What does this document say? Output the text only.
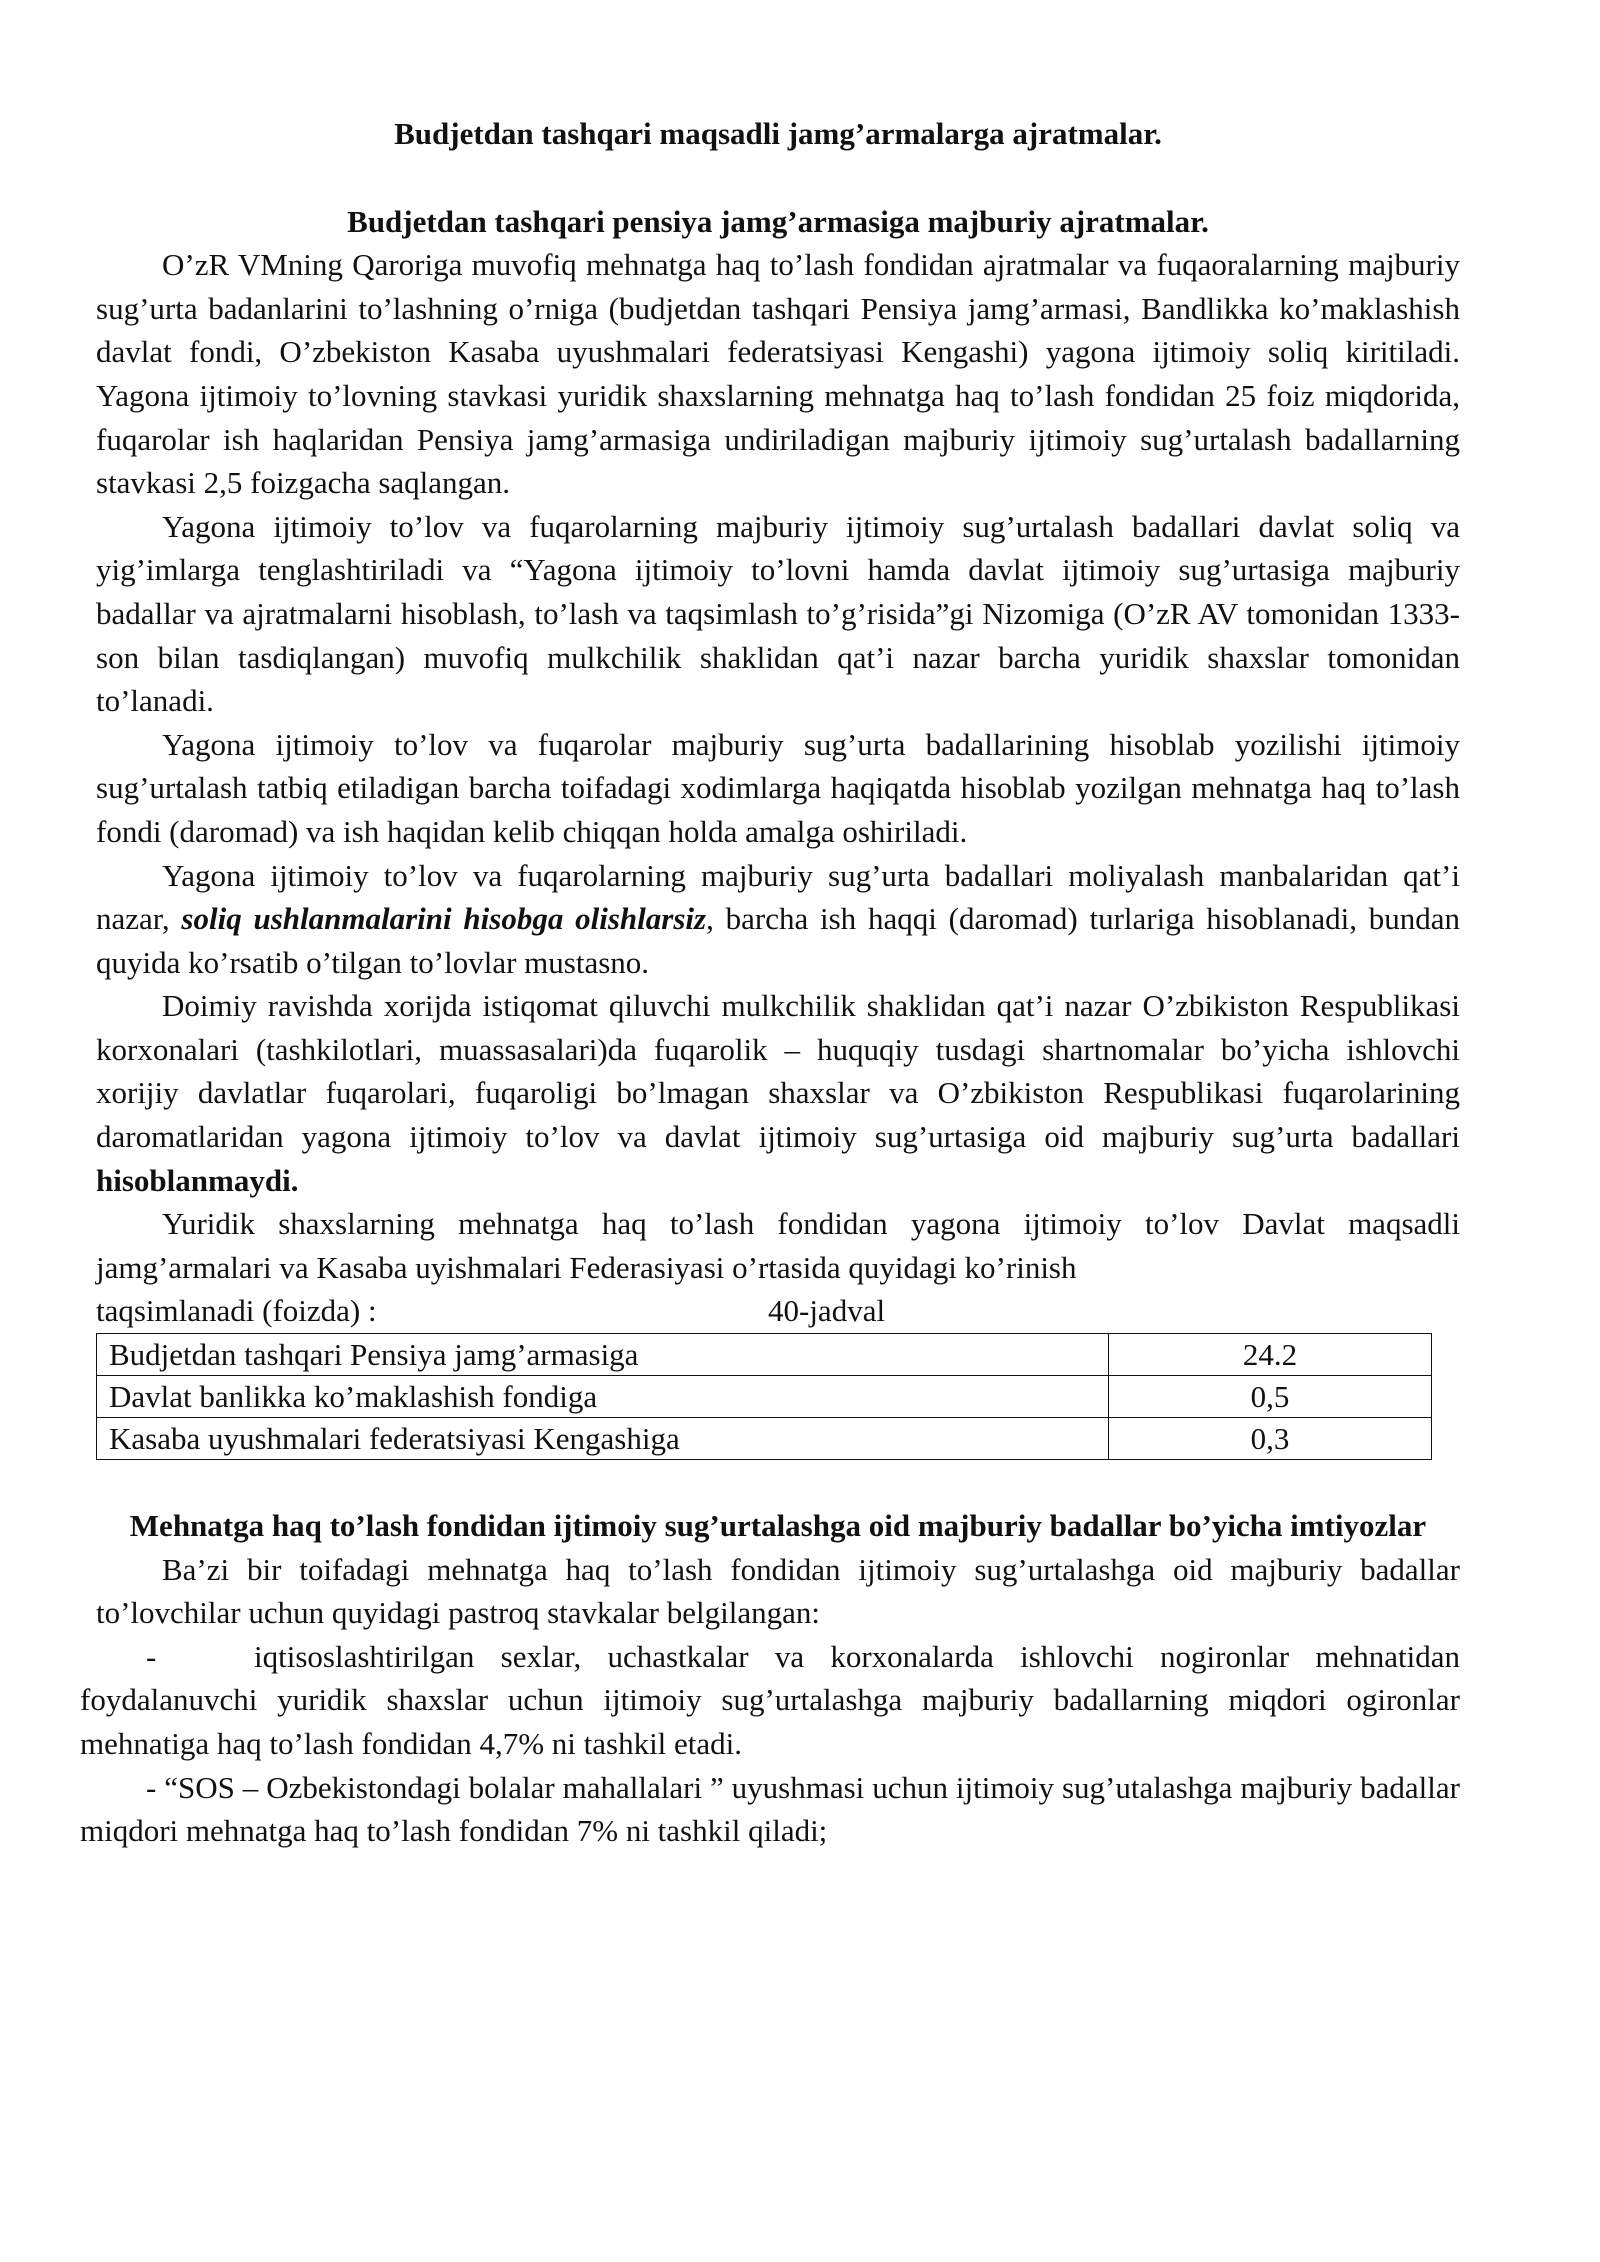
Budjetdan tashqari maqsadli jamg’armalarga ajratmalar.
Budjetdan tashqari pensiya jamg’armasiga majburiy ajratmalar.

O’zR VMning Qaroriga muvofiq mehnatga haq to’lash fondidan ajratmalar va fuqaoralarning majburiy sug’urta badanlarini to’lashning o’rniga (budjetdan tashqari Pensiya jamg’armasi, Bandlikka ko’maklashish davlat fondi, O’zbekiston Kasaba uyushmalari federatsiyasi Kengashi) yagona ijtimoiy soliq kiritiladi. Yagona ijtimoiy to’lovning stavkasi yuridik shaxslarning mehnatga haq to’lash fondidan 25 foiz miqdorida, fuqarolar ish haqlaridan Pensiya jamg’armasiga undiriladigan majburiy ijtimoiy sug’urtalash badallarning stavkasi 2,5 foizgacha saqlangan.

Yagona ijtimoiy to’lov va fuqarolarning majburiy ijtimoiy sug’urtalash badallari davlat soliq va yig’imlarga tenglashtiriladi va “Yagona ijtimoiy to’lovni hamda davlat ijtimoiy sug’urtasiga majburiy badallar va ajratmalarni hisoblash, to’lash va taqsimlash to’g’risida”gi Nizomiga (O’zR AV tomonidan 1333-son bilan tasdiqlangan) muvofiq mulkchilik shaklidan qat’i nazar barcha yuridik shaxslar tomonidan to’lanadi.

Yagona ijtimoiy to’lov va fuqarolar majburiy sug’urta badallarining hisoblab yozilishi ijtimoiy sug’urtalash tatbiq etiladigan barcha toifadagi xodimlarga haqiqatda hisoblab yozilgan mehnatga haq to’lash fondi (daromad) va ish haqidan kelib chiqqan holda amalga oshiriladi.

Yagona ijtimoiy to’lov va fuqarolarning majburiy sug’urta badallari moliyalash manbalaridan qat’i nazar, soliq ushlanmalarini hisobga olishlarsiz, barcha ish haqqi (daromad) turlariga hisoblanadi, bundan quyida ko’rsatib o’tilgan to’lovlar mustasno.

Doimiy ravishda xorijda istiqomat qiluvchi mulkchilik shaklidan qat’i nazar O’zbikiston Respublikasi korxonalari (tashkilotlari, muassasalari)da fuqarolik – huquqiy tusdagi shartnomalar bo’yicha ishlovchi xorijiy davlatlar fuqarolari, fuqaroligi bo’lmagan shaxslar va O’zbikiston Respublikasi fuqarolarining daromatlaridan yagona ijtimoiy to’lov va davlat ijtimoiy sug’urtasiga oid majburiy sug’urta badallari hisoblanmaydi.

Yuridik shaxslarning mehnatga haq to’lash fondidan yagona ijtimoiy to’lov Davlat maqsadli jamg’armalari va Kasaba uyishmalari Federasiyasi o’rtasida quyidagi ko’rinish

taqsimlanadi (foizda) :	40-jadval
Budjetdan tashqari Pensiya jamg’armasiga	24.2
Davlat banlikka ko’maklashish fondiga	0,5
Kasaba uyushmalari federatsiyasi Kengashiga	0,3
Mehnatga haq to’lash fondidan ijtimoiy sug’urtalashga oid majburiy badallar bo’yicha imtiyozlar

Ba’zi bir toifadagi mehnatga haq to’lash fondidan ijtimoiy sug’urtalashga oid majburiy badallar to’lovchilar uchun quyidagi pastroq stavkalar belgilangan:

-	iqtisoslashtirilgan sexlar, uchastkalar va korxonalarda ishlovchi nogironlar mehnatidan foydalanuvchi yuridik shaxslar uchun ijtimoiy sug’urtalashga majburiy badallarning miqdori ogironlar mehnatiga haq to’lash fondidan 4,7% ni tashkil etadi.

- “SOS – Ozbekistondagi bolalar mahallalari ” uyushmasi uchun ijtimoiy sug’utalashga majburiy badallar miqdori mehnatga haq to’lash fondidan 7% ni tashkil qiladi;
